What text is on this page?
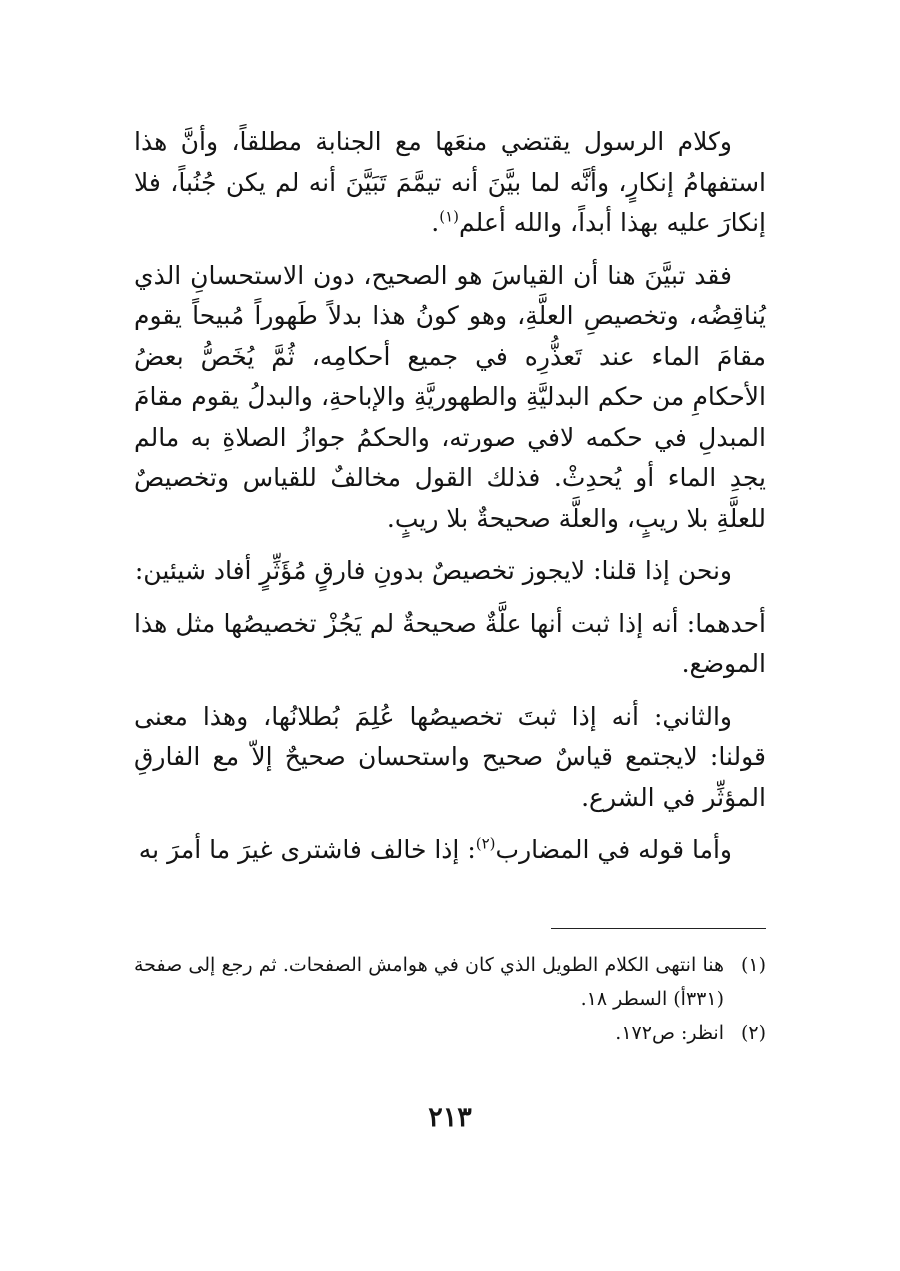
وكلام الرسول يقتضي منعَها مع الجنابة مطلقاً، وأنَّ هذا استفهامُ إنكارٍ، وأنَّه لما بيَّنَ أنه تيمَّمَ تَبَيَّنَ أنه لم يكن جُنُباً، فلا إنكارَ عليه بهذا أبداً، والله أعلم$^{(١)}$.

فقد تبيَّنَ هنا أن القياسَ هو الصحيح، دون الاستحسانِ الذي يُناقِضُه، وتخصيصِ العلَّةِ، وهو كونُ هذا بدلاً طَهوراً مُبيحاً يقوم مقامَ الماء عند تَعذُّرِه في جميع أحكامِه، ثُمَّ يُخَصُّ بعضُ الأحكامِ من حكم البدليَّةِ والطهوريَّةِ والإباحةِ، والبدلُ يقوم مقامَ المبدلِ في حكمه لافي صورته، والحكمُ جوازُ الصلاةِ به مالم يجدِ الماء أو يُحدِثْ. فذلك القول مخالفٌ للقياس وتخصيصٌ للعلَّةِ بلا ريبٍ، والعلَّة صحيحةٌ بلا ريبٍ.

ونحن إذا قلنا: لايجوز تخصيصٌ بدونِ فارقٍ مُؤَثِّرٍ أفاد شيئين:

أحدهما: أنه إذا ثبت أنها علَّةٌ صحيحةٌ لم يَجُزْ تخصيصُها مثل هذا الموضع.

والثاني: أنه إذا ثبتَ تخصيصُها عُلِمَ بُطلانُها، وهذا معنى قولنا: لايجتمع قياسٌ صحيح واستحسان صحيحٌ إلاّ مع الفارقِ المؤثِّر في الشرع.

وأما قوله في المضارب$^{(٢)}$: إذا خالف فاشترى غيرَ ما أمرَ به

(١)
هنا انتهى الكلام الطويل الذي كان في هوامش الصفحات. ثم رجع إلى صفحة (٣٣١أ) السطر ١٨.
(٢)
انظر: ص١٧٢.
٢١٣
